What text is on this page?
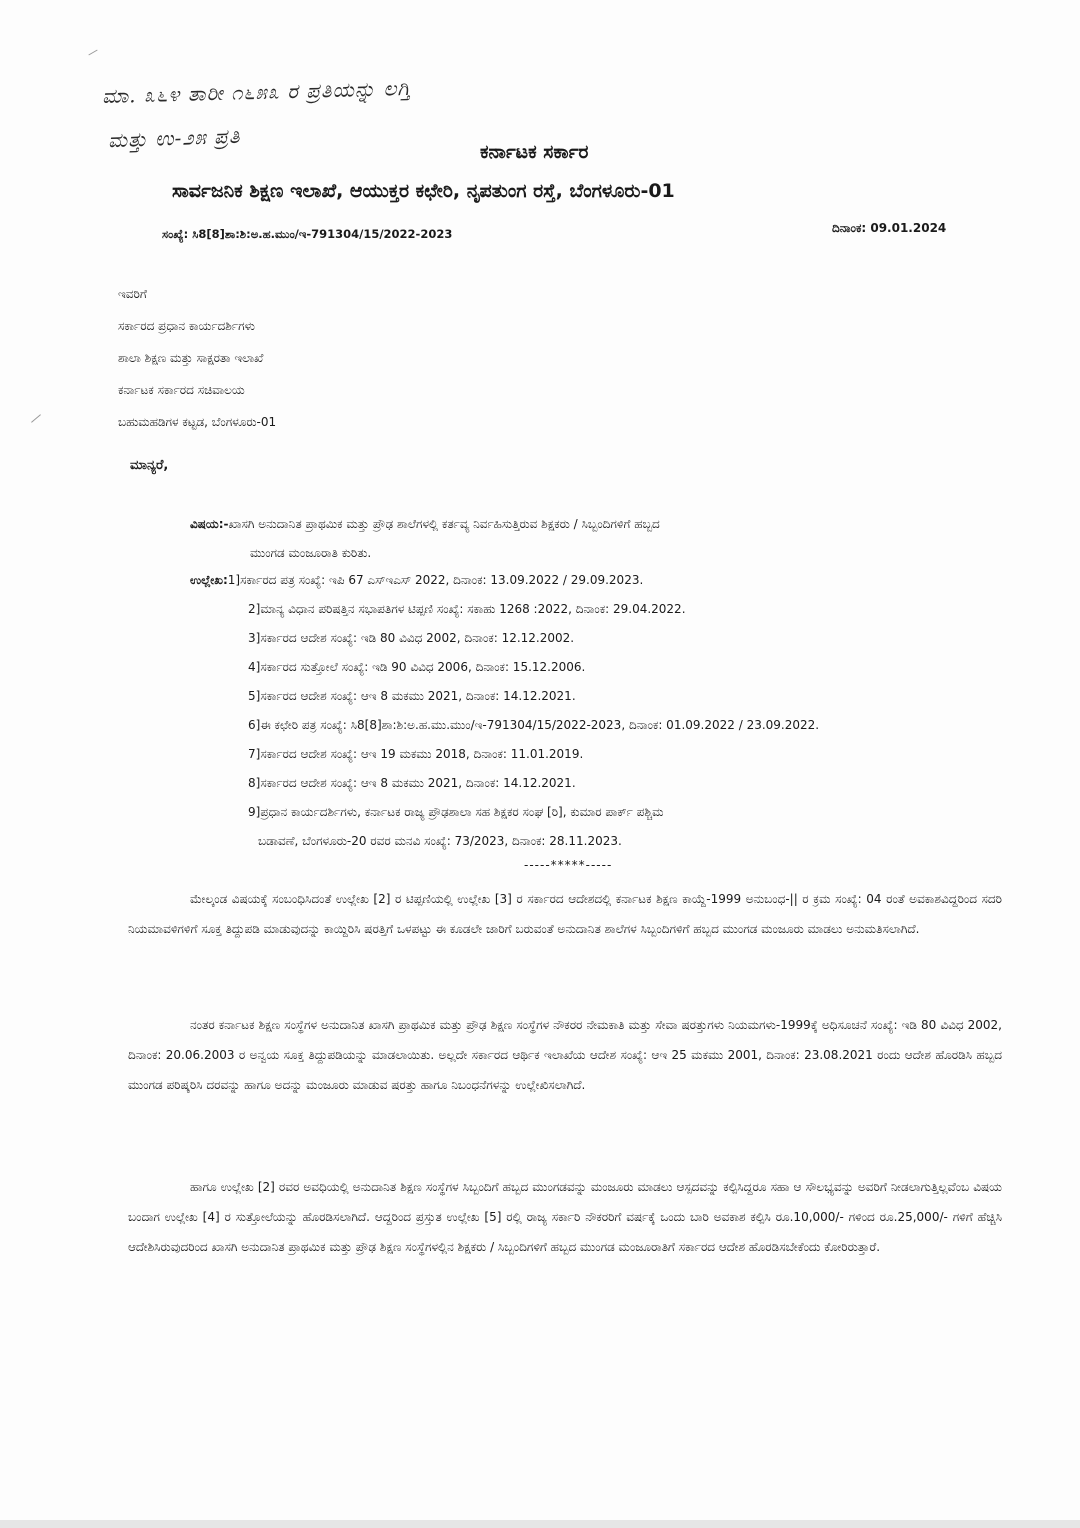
ಮಾ. ೩೬೪ ತಾರೀ ೧೬೫೩ ರ ಪ್ರತಿಯನ್ನು ಲಗ್ತಿ
ಮತ್ತು ಉ-೨೫ ಪ್ರತಿ	ಕರ್ನಾಟಕ ಸರ್ಕಾರ
ಸಾರ್ವಜನಿಕ ಶಿಕ್ಷಣ ಇಲಾಖೆ, ಆಯುಕ್ತರ ಕಛೇರಿ, ನೃಪತುಂಗ ರಸ್ತೆ, ಬೆಂಗಳೂರು-01
ಸಂಖ್ಯೆ: ಸಿ8[8]ಶಾ:ಶಿ:ಅ.ಹ.ಮುಂ/ಇ-791304/15/2022-2023	ದಿನಾಂಕ: 09.01.2024
ಇವರಿಗೆ
ಸರ್ಕಾರದ ಪ್ರಧಾನ ಕಾರ್ಯದರ್ಶಿಗಳು
ಶಾಲಾ ಶಿಕ್ಷಣ ಮತ್ತು ಸಾಕ್ಷರತಾ ಇಲಾಖೆ
ಕರ್ನಾಟಕ ಸರ್ಕಾರದ ಸಚಿವಾಲಯ
ಬಹುಮಹಡಿಗಳ ಕಟ್ಟಡ, ಬೆಂಗಳೂರು-01
ಮಾನ್ಯರೆ,
ವಿಷಯ:-ಖಾಸಗಿ ಅನುದಾನಿತ ಪ್ರಾಥಮಿಕ ಮತ್ತು ಪ್ರೌಢ ಶಾಲೆಗಳಲ್ಲಿ ಕರ್ತವ್ಯ ನಿರ್ವಹಿಸುತ್ತಿರುವ ಶಿಕ್ಷಕರು / ಸಿಬ್ಬಂದಿಗಳಿಗೆ ಹಬ್ಬದ
ಮುಂಗಡ ಮಂಜೂರಾತಿ ಕುರಿತು.
ಉಲ್ಲೇಖ:1]ಸರ್ಕಾರದ ಪತ್ರ ಸಂಖ್ಯೆ: ಇಪಿ 67 ಎಸ್‌ಇಎಸ್ 2022, ದಿನಾಂಕ: 13.09.2022 / 29.09.2023.
2]ಮಾನ್ಯ ವಿಧಾನ ಪರಿಷತ್ತಿನ ಸಭಾಪತಿಗಳ ಟಿಪ್ಪಣಿ ಸಂಖ್ಯೆ: ಸಕಾಹು 1268 :2022, ದಿನಾಂಕ: 29.04.2022.
3]ಸರ್ಕಾರದ ಆದೇಶ ಸಂಖ್ಯೆ: ಇಡಿ 80 ವಿವಿಧ 2002, ದಿನಾಂಕ: 12.12.2002.
4]ಸರ್ಕಾರದ ಸುತ್ತೋಲೆ ಸಂಖ್ಯೆ: ಇಡಿ 90 ವಿವಿಧ 2006, ದಿನಾಂಕ: 15.12.2006.
5]ಸರ್ಕಾರದ ಆದೇಶ ಸಂಖ್ಯೆ: ಆಇ 8 ಮಕಮು 2021, ದಿನಾಂಕ: 14.12.2021.
6]ಈ ಕಛೇರಿ ಪತ್ರ ಸಂಖ್ಯೆ: ಸಿ8[8]ಶಾ:ಶಿ:ಅ.ಹ.ಮು.ಮುಂ/ಇ-791304/15/2022-2023, ದಿನಾಂಕ: 01.09.2022 / 23.09.2022.
7]ಸರ್ಕಾರದ ಆದೇಶ ಸಂಖ್ಯೆ: ಆಇ 19 ಮಕಮು 2018, ದಿನಾಂಕ: 11.01.2019.
8]ಸರ್ಕಾರದ ಆದೇಶ ಸಂಖ್ಯೆ: ಆಇ 8 ಮಕಮು 2021, ದಿನಾಂಕ: 14.12.2021.
9]ಪ್ರಧಾನ ಕಾರ್ಯದರ್ಶಿಗಳು, ಕರ್ನಾಟಕ ರಾಜ್ಯ ಪ್ರೌಢಶಾಲಾ ಸಹ ಶಿಕ್ಷಕರ ಸಂಘ [ರಿ], ಕುಮಾರ ಪಾರ್ಕ್ ಪಶ್ಚಿಮ
ಬಡಾವಣೆ, ಬೆಂಗಳೂರು-20 ರವರ ಮನವಿ ಸಂಖ್ಯೆ: 73/2023, ದಿನಾಂಕ: 28.11.2023.
-----*****-----
ಮೇಲ್ಕಂಡ ವಿಷಯಕ್ಕೆ ಸಂಬಂಧಿಸಿದಂತೆ ಉಲ್ಲೇಖ [2] ರ ಟಿಪ್ಪಣಿಯಲ್ಲಿ ಉಲ್ಲೇಖ [3] ರ ಸರ್ಕಾರದ ಆದೇಶದಲ್ಲಿ ಕರ್ನಾಟಕ ಶಿಕ್ಷಣ ಕಾಯ್ದೆ-1999 ಅನುಬಂಧ-|| ರ ಕ್ರಮ ಸಂಖ್ಯೆ: 04 ರಂತೆ ಅವಕಾಶವಿದ್ದರಿಂದ ಸದರಿ ನಿಯಮಾವಳಿಗಳಿಗೆ ಸೂಕ್ತ ತಿದ್ದುಪಡಿ ಮಾಡುವುದನ್ನು ಕಾಯ್ದಿರಿಸಿ ಷರತ್ತಿಗೆ ಒಳಪಟ್ಟು ಈ ಕೂಡಲೇ ಜಾರಿಗೆ ಬರುವಂತೆ ಅನುದಾನಿತ ಶಾಲೆಗಳ ಸಿಬ್ಬಂದಿಗಳಿಗೆ ಹಬ್ಬದ ಮುಂಗಡ ಮಂಜೂರು ಮಾಡಲು ಅನುಮತಿಸಲಾಗಿದೆ.
ನಂತರ ಕರ್ನಾಟಕ ಶಿಕ್ಷಣ ಸಂಸ್ಥೆಗಳ ಅನುದಾನಿತ ಖಾಸಗಿ ಪ್ರಾಥಮಿಕ ಮತ್ತು ಪ್ರೌಢ ಶಿಕ್ಷಣ ಸಂಸ್ಥೆಗಳ ನೌಕರರ ನೇಮಕಾತಿ ಮತ್ತು ಸೇವಾ ಷರತ್ತುಗಳು ನಿಯಮಗಳು-1999ಕ್ಕೆ ಅಧಿಸೂಚನೆ ಸಂಖ್ಯೆ: ಇಡಿ 80 ವಿವಿಧ 2002, ದಿನಾಂಕ: 20.06.2003 ರ ಅನ್ವಯ ಸೂಕ್ತ ತಿದ್ದುಪಡಿಯನ್ನು ಮಾಡಲಾಯಿತು. ಅಲ್ಲದೇ ಸರ್ಕಾರದ ಆರ್ಥಿಕ ಇಲಾಖೆಯ ಆದೇಶ ಸಂಖ್ಯೆ: ಆಇ 25 ಮಕಮು 2001, ದಿನಾಂಕ: 23.08.2021 ರಂದು ಆದೇಶ ಹೊರಡಿಸಿ ಹಬ್ಬದ ಮುಂಗಡ ಪರಿಷ್ಕರಿಸಿ ದರವನ್ನು ಹಾಗೂ ಅದನ್ನು ಮಂಜೂರು ಮಾಡುವ ಷರತ್ತು ಹಾಗೂ ನಿಬಂಧನೆಗಳನ್ನು ಉಲ್ಲೇಖಿಸಲಾಗಿದೆ.
ಹಾಗೂ ಉಲ್ಲೇಖ [2] ರವರ ಅವಧಿಯಲ್ಲಿ ಅನುದಾನಿತ ಶಿಕ್ಷಣ ಸಂಸ್ಥೆಗಳ ಸಿಬ್ಬಂದಿಗೆ ಹಬ್ಬದ ಮುಂಗಡವನ್ನು ಮಂಜೂರು ಮಾಡಲು ಆಸ್ಪದವನ್ನು ಕಲ್ಪಿಸಿದ್ದರೂ ಸಹಾ ಆ ಸೌಲಭ್ಯವನ್ನು ಅವರಿಗೆ ನೀಡಲಾಗುತ್ತಿಲ್ಲವೆಂಬ ವಿಷಯ ಬಂದಾಗ ಉಲ್ಲೇಖ [4] ರ ಸುತ್ತೋಲೆಯನ್ನು ಹೊರಡಿಸಲಾಗಿದೆ. ಆದ್ದರಿಂದ ಪ್ರಸ್ತುತ ಉಲ್ಲೇಖ [5] ರಲ್ಲಿ ರಾಜ್ಯ ಸರ್ಕಾರಿ ನೌಕರರಿಗೆ ವರ್ಷಕ್ಕೆ ಒಂದು ಬಾರಿ ಅವಕಾಶ ಕಲ್ಪಿಸಿ ರೂ.10,000/- ಗಳಿಂದ ರೂ.25,000/- ಗಳಿಗೆ ಹೆಚ್ಚಿಸಿ ಆದೇಶಿಸಿರುವುದರಿಂದ ಖಾಸಗಿ ಅನುದಾನಿತ ಪ್ರಾಥಮಿಕ ಮತ್ತು ಪ್ರೌಢ ಶಿಕ್ಷಣ ಸಂಸ್ಥೆಗಳಲ್ಲಿನ ಶಿಕ್ಷಕರು / ಸಿಬ್ಬಂದಿಗಳಿಗೆ ಹಬ್ಬದ ಮುಂಗಡ ಮಂಜೂರಾತಿಗೆ ಸರ್ಕಾರದ ಆದೇಶ ಹೊರಡಿಸಬೇಕೆಂದು ಕೋರಿರುತ್ತಾರೆ.
